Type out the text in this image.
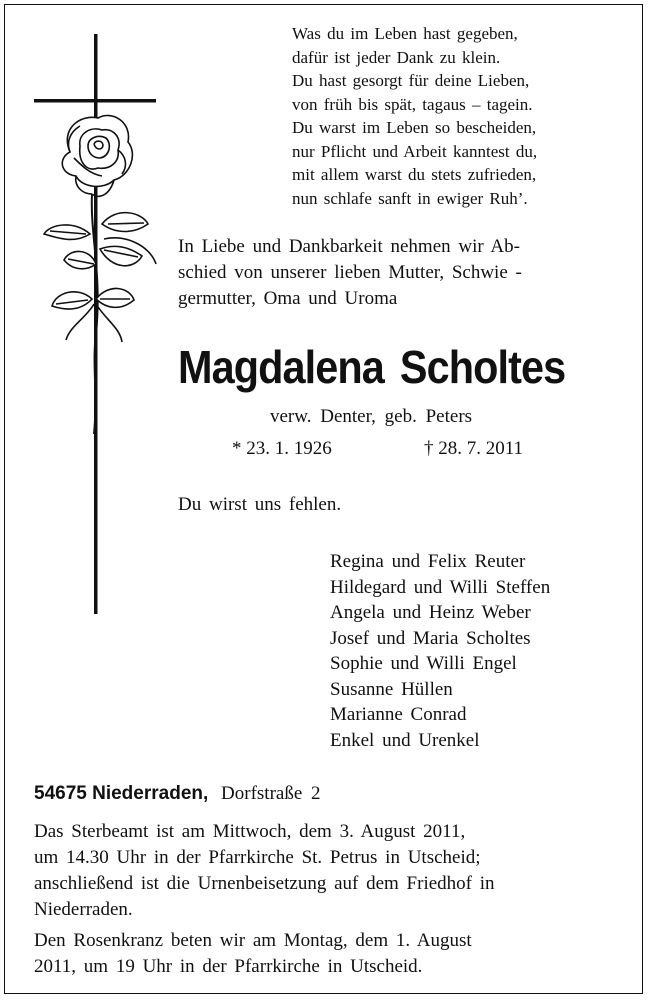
Was du im Leben hast gegeben,
dafür ist jeder Dank zu klein.
Du hast gesorgt für deine Lieben,
von früh bis spät, tagaus – tagein.
Du warst im Leben so bescheiden,
nur Pflicht und Arbeit kanntest du,
mit allem warst du stets zufrieden,
nun schlafe sanft in ewiger Ruh’.
In Liebe und Dankbarkeit nehmen wir Ab-
schied von unserer lieben Mutter, Schwie -
germutter, Oma und Uroma
Magdalena Scholtes
verw. Denter, geb. Peters
* 23. 1. 1926	† 28. 7. 2011
Du wirst uns fehlen.
Regina und Felix Reuter
Hildegard und Willi Steffen
Angela und Heinz Weber
Josef und Maria Scholtes
Sophie und Willi Engel
Susanne Hüllen
Marianne Conrad
Enkel und Urenkel
54675 Niederraden, Dorfstraße 2
Das Sterbeamt ist am Mittwoch, dem 3. August 2011,
um 14.30 Uhr in der Pfarrkirche St. Petrus in Utscheid;
anschließend ist die Urnenbeisetzung auf dem Friedhof in
Niederraden.
Den Rosenkranz beten wir am Montag, dem 1. August
2011, um 19 Uhr in der Pfarrkirche in Utscheid.
